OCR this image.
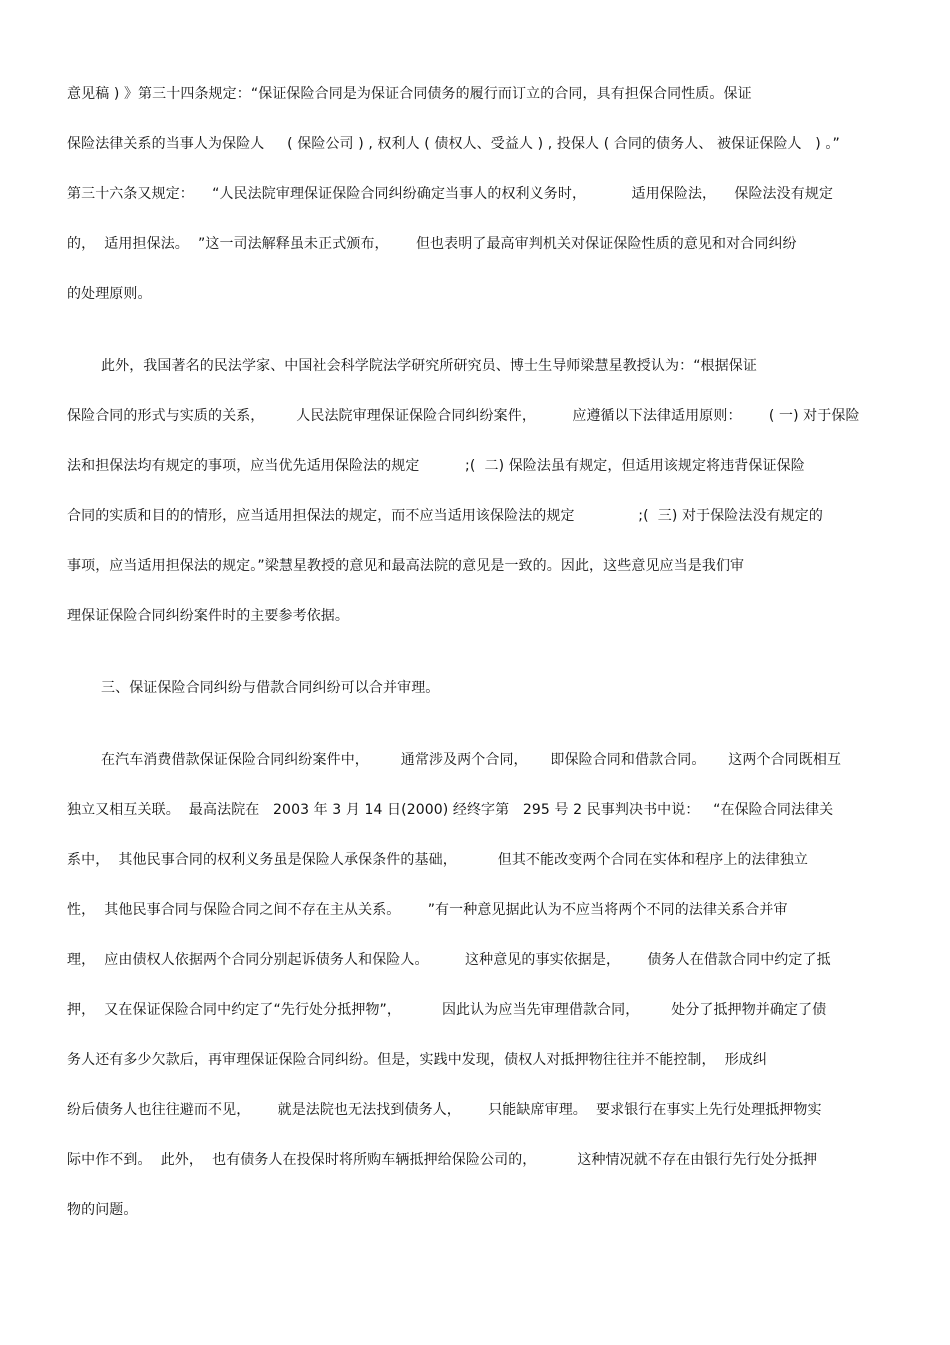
意见稿 ) 》第三十四条规定：“保证保险合同是为保证合同债务的履行而订立的合同，具有担保合同性质。保证
保险法律关系的当事人为保险人     ( 保险公司 ) , 权利人 ( 债权人、受益人 ) , 投保人 ( 合同的债务人、 被保证保险人   ) 。”
第三十六条又规定：    “人民法院审理保证保险合同纠纷确定当事人的权利义务时，          适用保险法，    保险法没有规定
的，  适用担保法。  ”这一司法解释虽未正式颁布，      但也表明了最高审判机关对保证保险性质的意见和对合同纠纷
的处理原则。
此外，我国著名的民法学家、中国社会科学院法学研究所研究员、博士生导师梁慧星教授认为：“根据保证
保险合同的形式与实质的关系，       人民法院审理保证保险合同纠纷案件，        应遵循以下法律适用原则：      ( 一) 对于保险
法和担保法均有规定的事项，应当优先适用保险法的规定          ;(  二) 保险法虽有规定，但适用该规定将违背保证保险
合同的实质和目的的情形，应当适用担保法的规定，而不应当适用该保险法的规定              ;(  三) 对于保险法没有规定的
事项，应当适用担保法的规定。”梁慧星教授的意见和最高法院的意见是一致的。因此，这些意见应当是我们审
理保证保险合同纠纷案件时的主要参考依据。
三、保证保险合同纠纷与借款合同纠纷可以合并审理。
在汽车消费借款保证保险合同纠纷案件中，       通常涉及两个合同，     即保险合同和借款合同。     这两个合同既相互
独立又相互关联。  最高法院在   2003 年 3 月 14 日(2000) 经终字第   295 号 2 民事判决书中说：   “在保险合同法律关
系中，  其他民事合同的权利义务虽是保险人承保条件的基础，         但其不能改变两个合同在实体和程序上的法律独立
性，  其他民事合同与保险合同之间不存在主从关系。      ”有一种意见据此认为不应当将两个不同的法律关系合并审
理，  应由债权人依据两个合同分别起诉债务人和保险人。        这种意见的事实依据是，      债务人在借款合同中约定了抵
押，  又在保证保险合同中约定了“先行处分抵押物”，         因此认为应当先审理借款合同，       处分了抵押物并确定了债
务人还有多少欠款后，再审理保证保险合同纠纷。但是，实践中发现，债权人对抵押物往往并不能控制，  形成纠
纷后债务人也往往避而不见，      就是法院也无法找到债务人，      只能缺席审理。  要求银行在事实上先行处理抵押物实
际中作不到。  此外，  也有债务人在投保时将所购车辆抵押给保险公司的，         这种情况就不存在由银行先行处分抵押
物的问题。
